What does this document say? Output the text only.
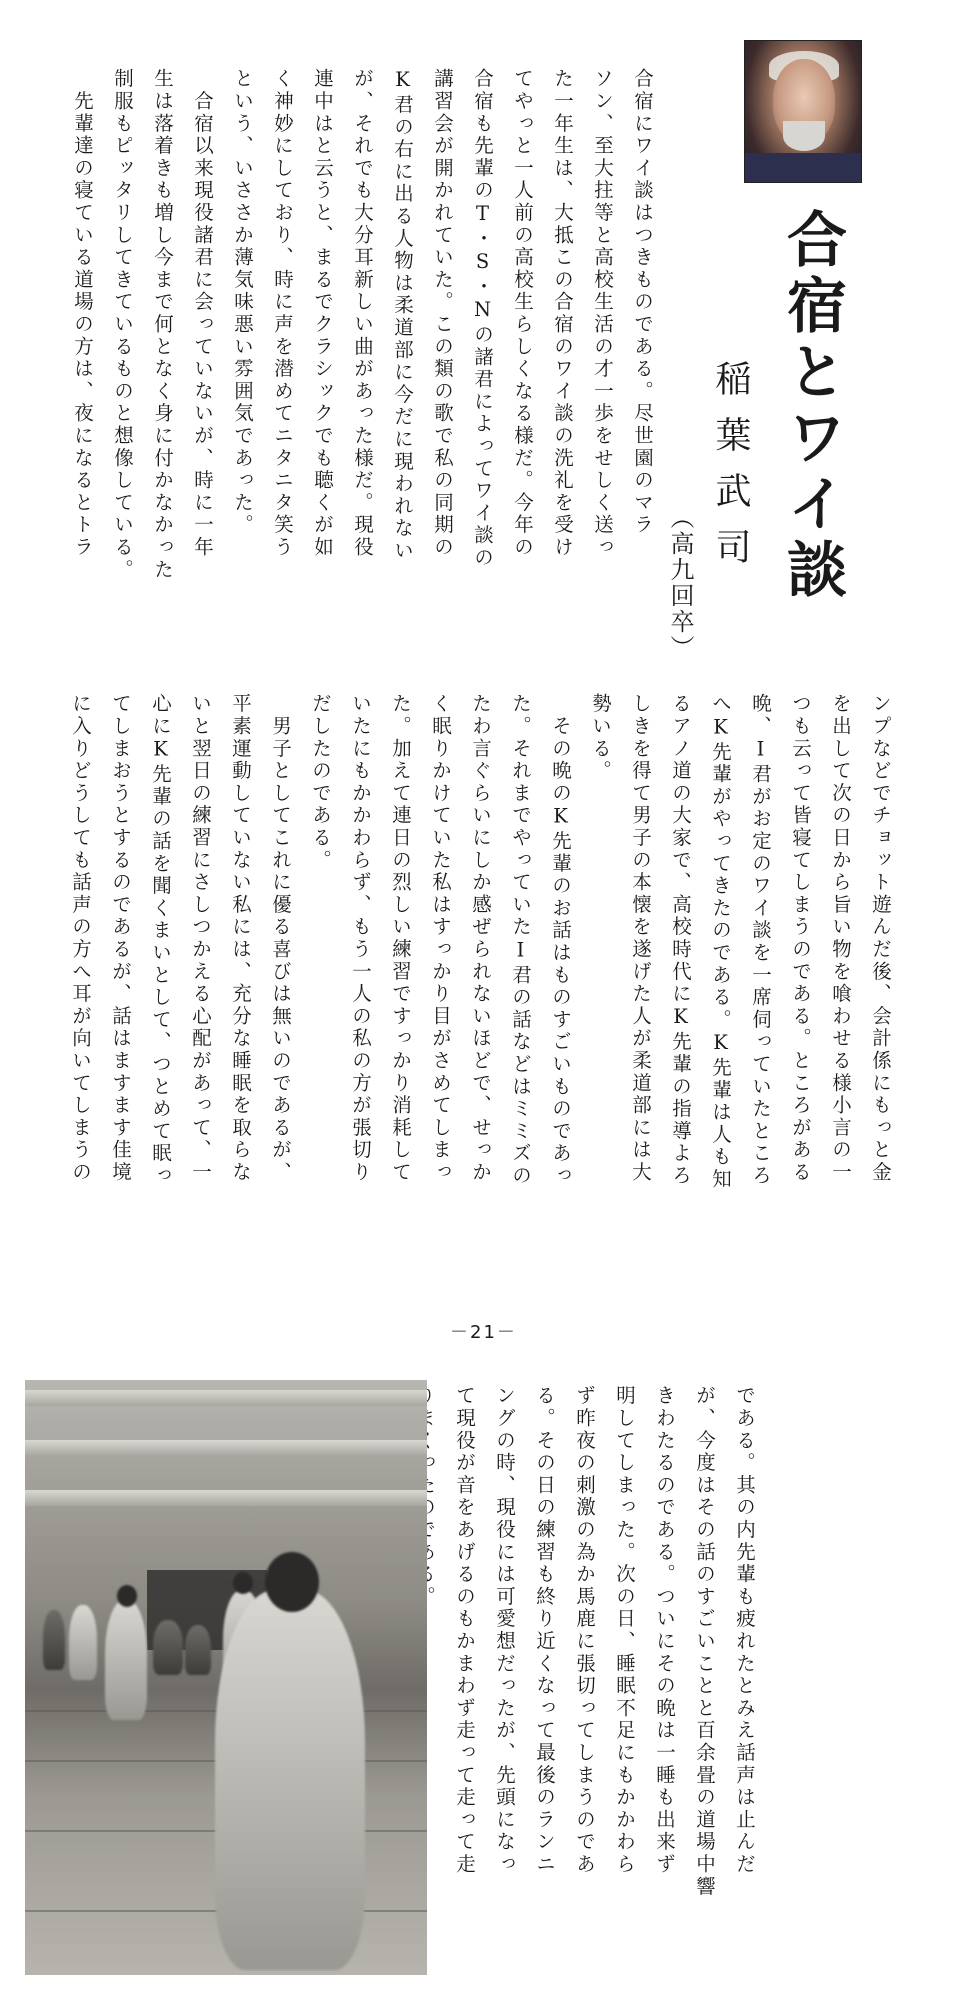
合宿とワイ談
稲葉武司
（高九回卒）

合宿にワイ談はつきものである。尽世園のマラ
ソン、至大拄等と高校生活の才一歩をせしく送っ
た一年生は、大抵この合宿のワイ談の洗礼を受け
てやっと一人前の高校生らしくなる様だ。今年の
合宿も先輩のT・S・Nの諸君によってワイ談の
講習会が開かれていた。この類の歌で私の同期の
K君の右に出る人物は柔道部に今だに現われない
が、それでも大分耳新しい曲があった様だ。現役
連中はと云うと、まるでクラシックでも聴くが如
く神妙にしており、時に声を潜めてニタニタ笑う
という、いささか薄気味悪い雰囲気であった。
　合宿以来現役諸君に会っていないが、時に一年
生は落着きも増し今まで何となく身に付かなかった
制服もピッタリしてきているものと想像している。
　先輩達の寝ている道場の方は、夜になるとトラ

ンプなどでチョット遊んだ後、会計係にもっと金
を出して次の日から旨い物を喰わせる様小言の一
つも云って皆寝てしまうのである。ところがある
晩、I君がお定のワイ談を一席伺っていたところ
へK先輩がやってきたのである。K先輩は人も知
るアノ道の大家で、高校時代にK先輩の指導よろ
しきを得て男子の本懐を遂げた人が柔道部には大
勢いる。
　その晩のK先輩のお話はものすごいものであっ
た。それまでやっていたI君の話などはミミズの
たわ言ぐらいにしか感ぜられないほどで、せっか
く眠りかけていた私はすっかり目がさめてしまっ
た。加えて連日の烈しい練習ですっかり消耗して
いたにもかかわらず、もう一人の私の方が張切り
だしたのである。
　男子としてこれに優る喜びは無いのであるが、
平素運動していない私には、充分な睡眠を取らな
いと翌日の練習にさしつかえる心配があって、一
心にK先輩の話を聞くまいとして、つとめて眠っ
てしまおうとするのであるが、話はますます佳境
に入りどうしても話声の方へ耳が向いてしまうの

である。其の内先輩も疲れたとみえ話声は止んだ
が、今度はその話のすごいことと百余畳の道場中響
きわたるのである。ついにその晩は一睡も出来ず
明してしまった。次の日、睡眠不足にもかかわら
ず昨夜の刺激の為か馬鹿に張切ってしまうのであ
る。その日の練習も終り近くなって最後のランニ
ングの時、現役には可愛想だったが、先頭になっ
て現役が音をあげるのもかまわず走って走って走

－21－
